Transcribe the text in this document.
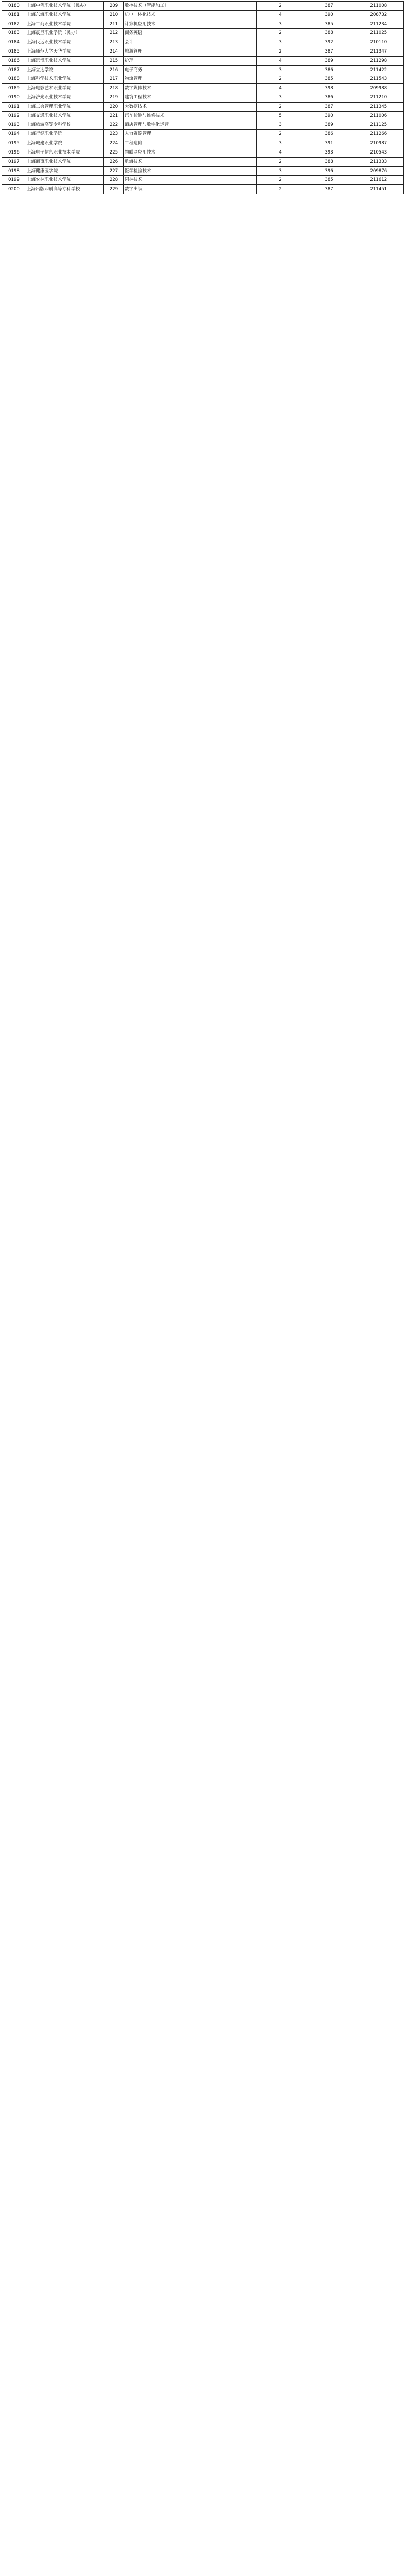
0180	上海中侨职业技术学院（民办）	209	数控技术（智能加工）	2	387	211008
0181	上海东海职业技术学院	210	机电一体化技术	4	390	208732
0182	上海工商职业技术学院	211	计算机应用技术	3	385	211234
0183	上海震旦职业学院（民办）	212	商务英语	2	388	211025
0184	上海民远职业技术学院	213	会计	3	392	210110
0185	上海师范大学天华学院	214	旅游管理	2	387	211347
0186	上海思博职业技术学院	215	护理	4	389	211298
0187	上海立达学院	216	电子商务	3	386	211422
0188	上海科学技术职业学院	217	物流管理	2	385	211543
0189	上海电影艺术职业学院	218	数字媒体技术	4	398	209988
0190	上海济光职业技术学院	219	建筑工程技术	3	386	211210
0191	上海工会管理职业学院	220	大数据技术	2	387	211345
0192	上海交通职业技术学院	221	汽车检测与维修技术	5	390	211006
0193	上海旅游高等专科学校	222	酒店管理与数字化运营	3	389	211125
0194	上海行健职业学院	223	人力资源管理	2	386	211266
0195	上海城建职业学院	224	工程造价	3	391	210987
0196	上海电子信息职业技术学院	225	物联网应用技术	4	393	210543
0197	上海海事职业技术学院	226	航海技术	2	388	211333
0198	上海健康医学院	227	医学检验技术	3	396	209876
0199	上海农林职业技术学院	228	园林技术	2	385	211612
0200	上海出版印刷高等专科学校	229	数字出版	2	387	211451
